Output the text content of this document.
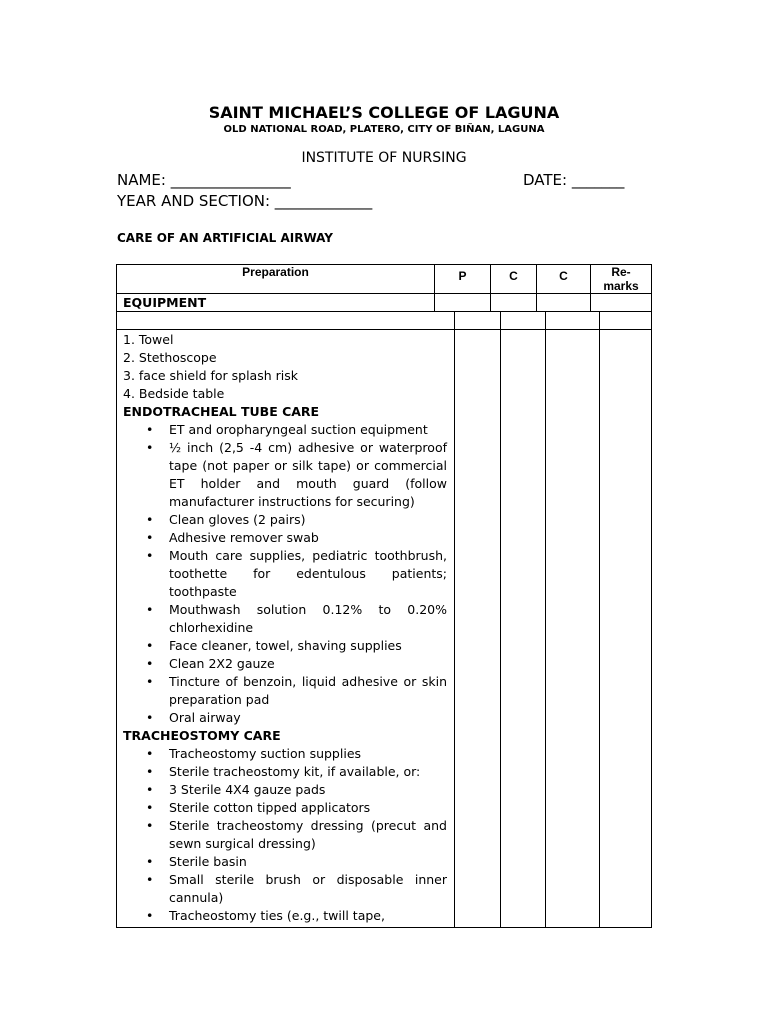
SAINT MICHAEL’S COLLEGE OF LAGUNA
OLD NATIONAL ROAD, PLATERO, CITY OF BIÑAN, LAGUNA
INSTITUTE OF NURSING
NAME: ________________	DATE: _______
YEAR AND SECTION: _____________
CARE OF AN ARTIFICIAL AIRWAY
Preparation	P	C	C	Re-
marks
EQUIPMENT

1. Towel

2. Stethoscope

3. face shield for splash risk

4. Bedside table

ENDOTRACHEAL TUBE CARE

• ET and oropharyngeal suction equipment
• ½ inch (2,5 -4 cm) adhesive or waterproof tape (not paper or silk tape) or commercial ET holder and mouth guard (follow manufacturer instructions for securing)
• Clean gloves (2 pairs)
• Adhesive remover swab
• Mouth care supplies, pediatric toothbrush, toothette for edentulous patients; toothpaste
• Mouthwash solution 0.12% to 0.20% chlorhexidine
• Face cleaner, towel, shaving supplies
• Clean 2X2 gauze
• Tincture of benzoin, liquid adhesive or skin preparation pad
• Oral airway

TRACHEOSTOMY CARE

• Tracheostomy suction supplies
• Sterile tracheostomy kit, if available, or:
• 3 Sterile 4X4 gauze pads
• Sterile cotton tipped applicators
• Sterile tracheostomy dressing (precut and sewn surgical dressing)
• Sterile basin
• Small sterile brush or disposable inner cannula)
• Tracheostomy ties (e.g., twill tape,
